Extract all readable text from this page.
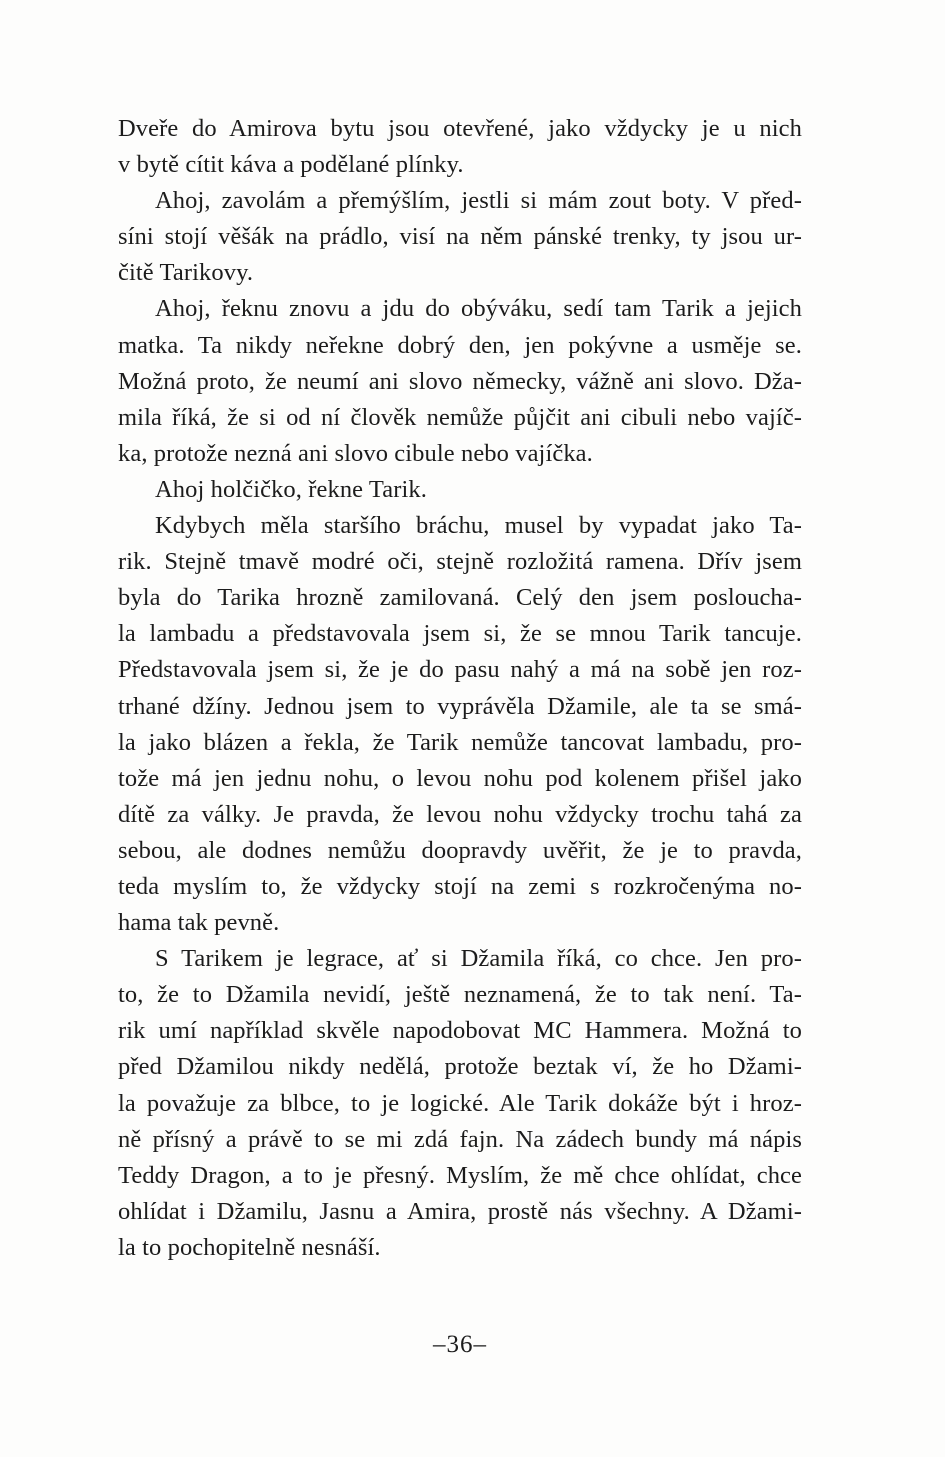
Dveře do Amirova bytu jsou otevřené, jako vždycky je u nich
v bytě cítit káva a podělané plínky.
Ahoj, zavolám a přemýšlím, jestli si mám zout boty. V před-
síni stojí věšák na prádlo, visí na něm pánské trenky, ty jsou ur-
čitě Tarikovy.
Ahoj, řeknu znovu a jdu do obýváku, sedí tam Tarik a jejich
matka. Ta nikdy neřekne dobrý den, jen pokývne a usměje se.
Možná proto, že neumí ani slovo německy, vážně ani slovo. Dža-
mila říká, že si od ní člověk nemůže půjčit ani cibuli nebo vajíč-
ka, protože nezná ani slovo cibule nebo vajíčka.
Ahoj holčičko, řekne Tarik.
Kdybych měla staršího bráchu, musel by vypadat jako Ta-
rik. Stejně tmavě modré oči, stejně rozložitá ramena. Dřív jsem
byla do Tarika hrozně zamilovaná. Celý den jsem posloucha-
la lambadu a představovala jsem si, že se mnou Tarik tancuje.
Představovala jsem si, že je do pasu nahý a má na sobě jen roz-
trhané džíny. Jednou jsem to vyprávěla Džamile, ale ta se smá-
la jako blázen a řekla, že Tarik nemůže tancovat lambadu, pro-
tože má jen jednu nohu, o levou nohu pod kolenem přišel jako
dítě za války. Je pravda, že levou nohu vždycky trochu tahá za
sebou, ale dodnes nemůžu doopravdy uvěřit, že je to pravda,
teda myslím to, že vždycky stojí na zemi s rozkročenýma no-
hama tak pevně.
S Tarikem je legrace, ať si Džamila říká, co chce. Jen pro-
to, že to Džamila nevidí, ještě neznamená, že to tak není. Ta-
rik umí například skvěle napodobovat MC Hammera. Možná to
před Džamilou nikdy nedělá, protože beztak ví, že ho Džami-
la považuje za blbce, to je logické. Ale Tarik dokáže být i hroz-
ně přísný a právě to se mi zdá fajn. Na zádech bundy má nápis
Teddy Dragon, a to je přesný. Myslím, že mě chce ohlídat, chce
ohlídat i Džamilu, Jasnu a Amira, prostě nás všechny. A Džami-
la to pochopitelně nesnáší.
–36–
